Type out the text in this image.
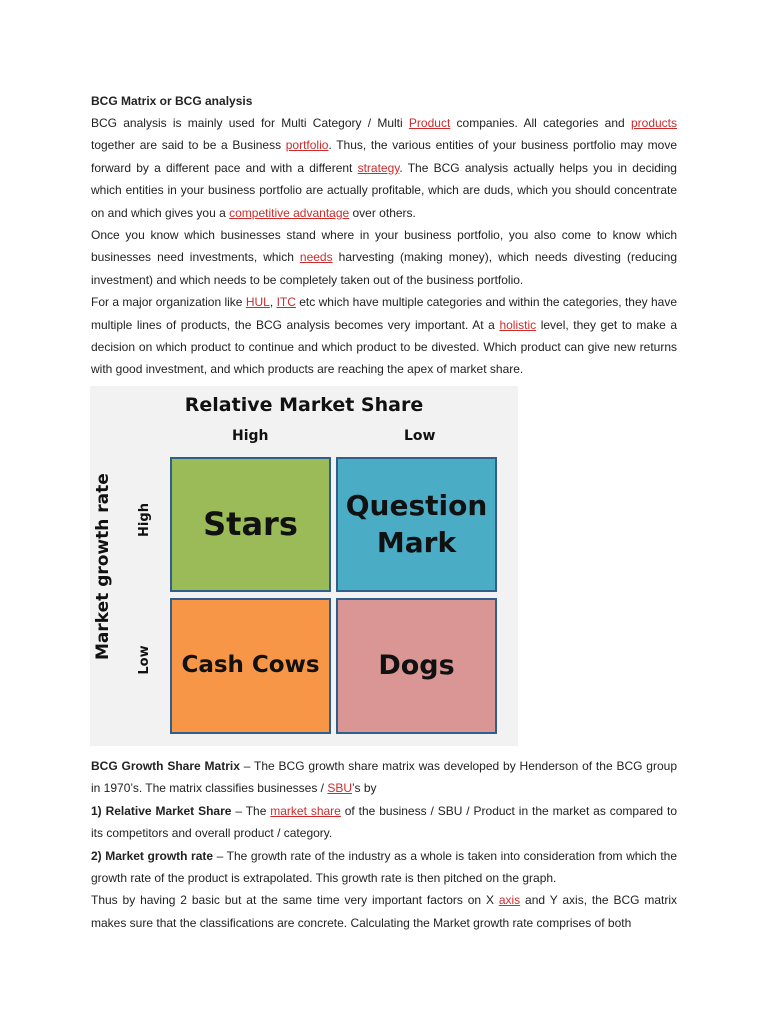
BCG Matrix or BCG analysis

BCG analysis is mainly used for Multi Category / Multi Product companies. All categories and products together are said to be a Business portfolio. Thus, the various entities of your business portfolio may move forward by a different pace and with a different strategy. The BCG analysis actually helps you in deciding which entities in your business portfolio are actually profitable, which are duds, which you should concentrate on and which gives you a competitive advantage over others.

Once you know which businesses stand where in your business portfolio, you also come to know which businesses need investments, which needs harvesting (making money), which needs divesting (reducing investment) and which needs to be completely taken out of the business portfolio.

For a major organization like HUL, ITC etc which have multiple categories and within the categories, they have multiple lines of products, the BCG analysis becomes very important. At a holistic level, they get to make a decision on which product to continue and which product to be divested. Which product can give new returns with good investment, and which products are reaching the apex of market share.

Relative Market Share
High	Low
Market growth rate High
Low
Stars Question
Mark
Cash Cows Dogs

BCG Growth Share Matrix – The BCG growth share matrix was developed by Henderson of the BCG group in 1970’s. The matrix classifies businesses / SBU’s by

1) Relative Market Share – The market share of the business / SBU / Product in the market as compared to its competitors and overall product / category.

2) Market growth rate – The growth rate of the industry as a whole is taken into consideration from which the growth rate of the product is extrapolated. This growth rate is then pitched on the graph.

Thus by having 2 basic but at the same time very important factors on X axis and Y axis, the BCG matrix makes sure that the classifications are concrete. Calculating the Market growth rate comprises of both
